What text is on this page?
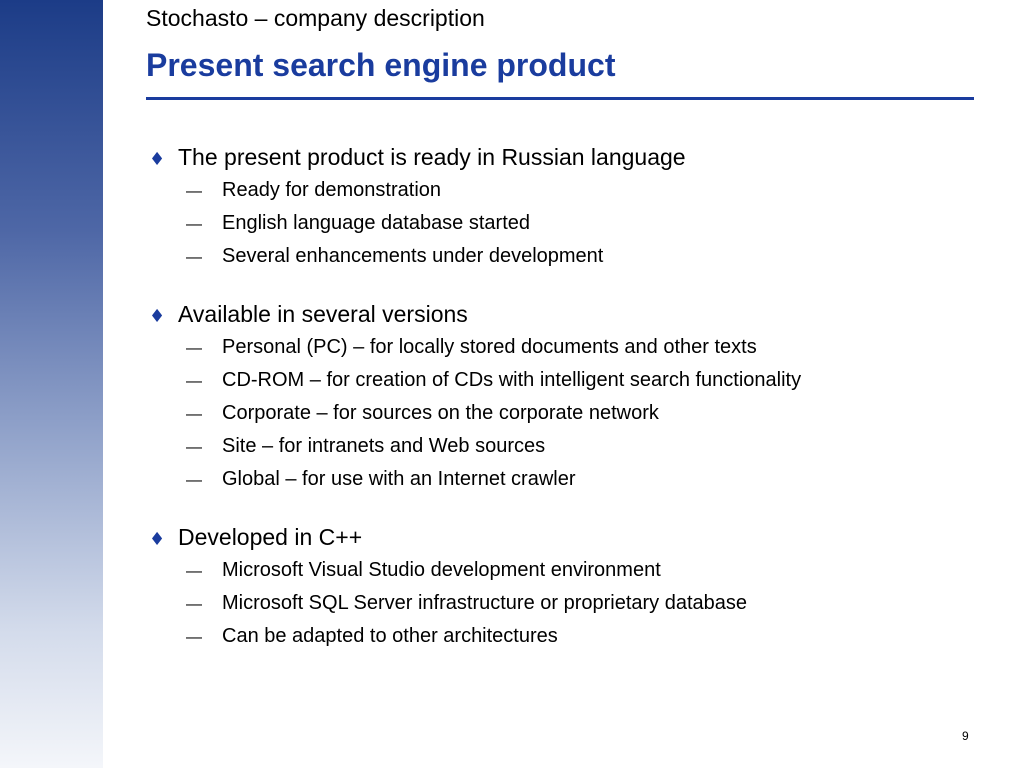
Stochasto – company description
Present search engine product
♦ The present product is ready in Russian language
—	Ready for demonstration
—	English language database started
—	Several enhancements under development
♦ Available in several versions
—	Personal (PC) – for locally stored documents and other texts
—	CD-ROM – for creation of CDs with intelligent search functionality
—	Corporate – for sources on the corporate network
—	Site – for intranets and Web sources
—	Global – for use with an Internet crawler
♦ Developed in C++
—	Microsoft Visual Studio development environment
—	Microsoft SQL Server infrastructure or proprietary database
—	Can be adapted to other architectures
9
